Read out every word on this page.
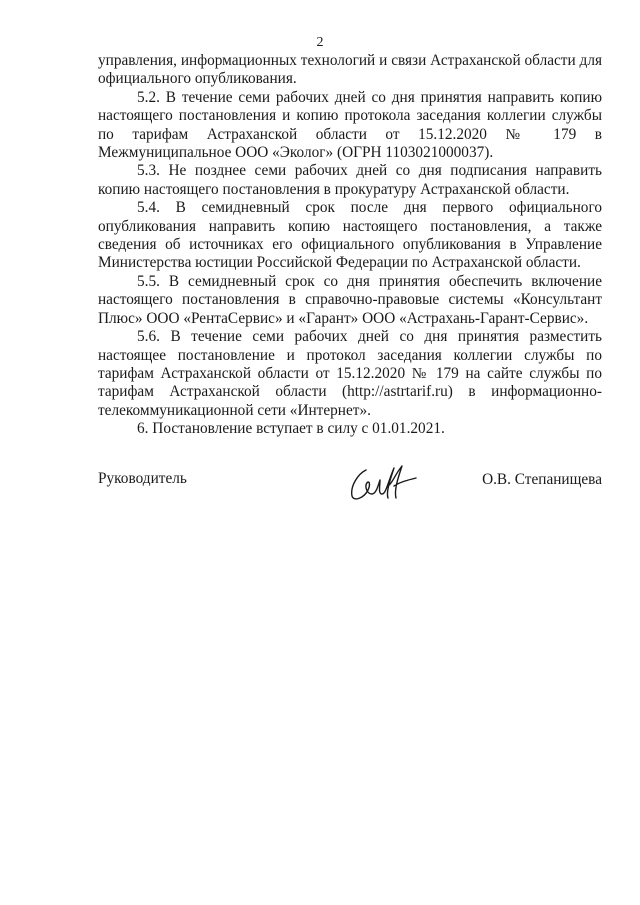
2

управления, информационных технологий и связи Астраханской области для официального опубликования.

5.2. В течение семи рабочих дней со дня принятия направить копию настоящего постановления и копию протокола заседания коллегии службы по тарифам Астраханской области от 15.12.2020 № 179 в Межмуниципальное ООО «Эколог» (ОГРН 1103021000037).

5.3. Не позднее семи рабочих дней со дня подписания направить копию настоящего постановления в прокуратуру Астраханской области.

5.4. В семидневный срок после дня первого официального опубликования направить копию настоящего постановления, а также сведения об источниках его официального опубликования в Управление Министерства юстиции Российской Федерации по Астраханской области.

5.5. В семидневный срок со дня принятия обеспечить включение настоящего постановления в справочно-правовые системы «Консультант Плюс» ООО «РентаСервис» и «Гарант» ООО «Астрахань-Гарант-Сервис».

5.6. В течение семи рабочих дней со дня принятия разместить настоящее постановление и протокол заседания коллегии службы по тарифам Астраханской области от 15.12.2020 № 179 на сайте службы по тарифам Астраханской области (http://astrtarif.ru) в информационно-телекоммуникационной сети «Интернет».

6. Постановление вступает в силу с 01.01.2021.

Руководитель	О.В. Степанищева
